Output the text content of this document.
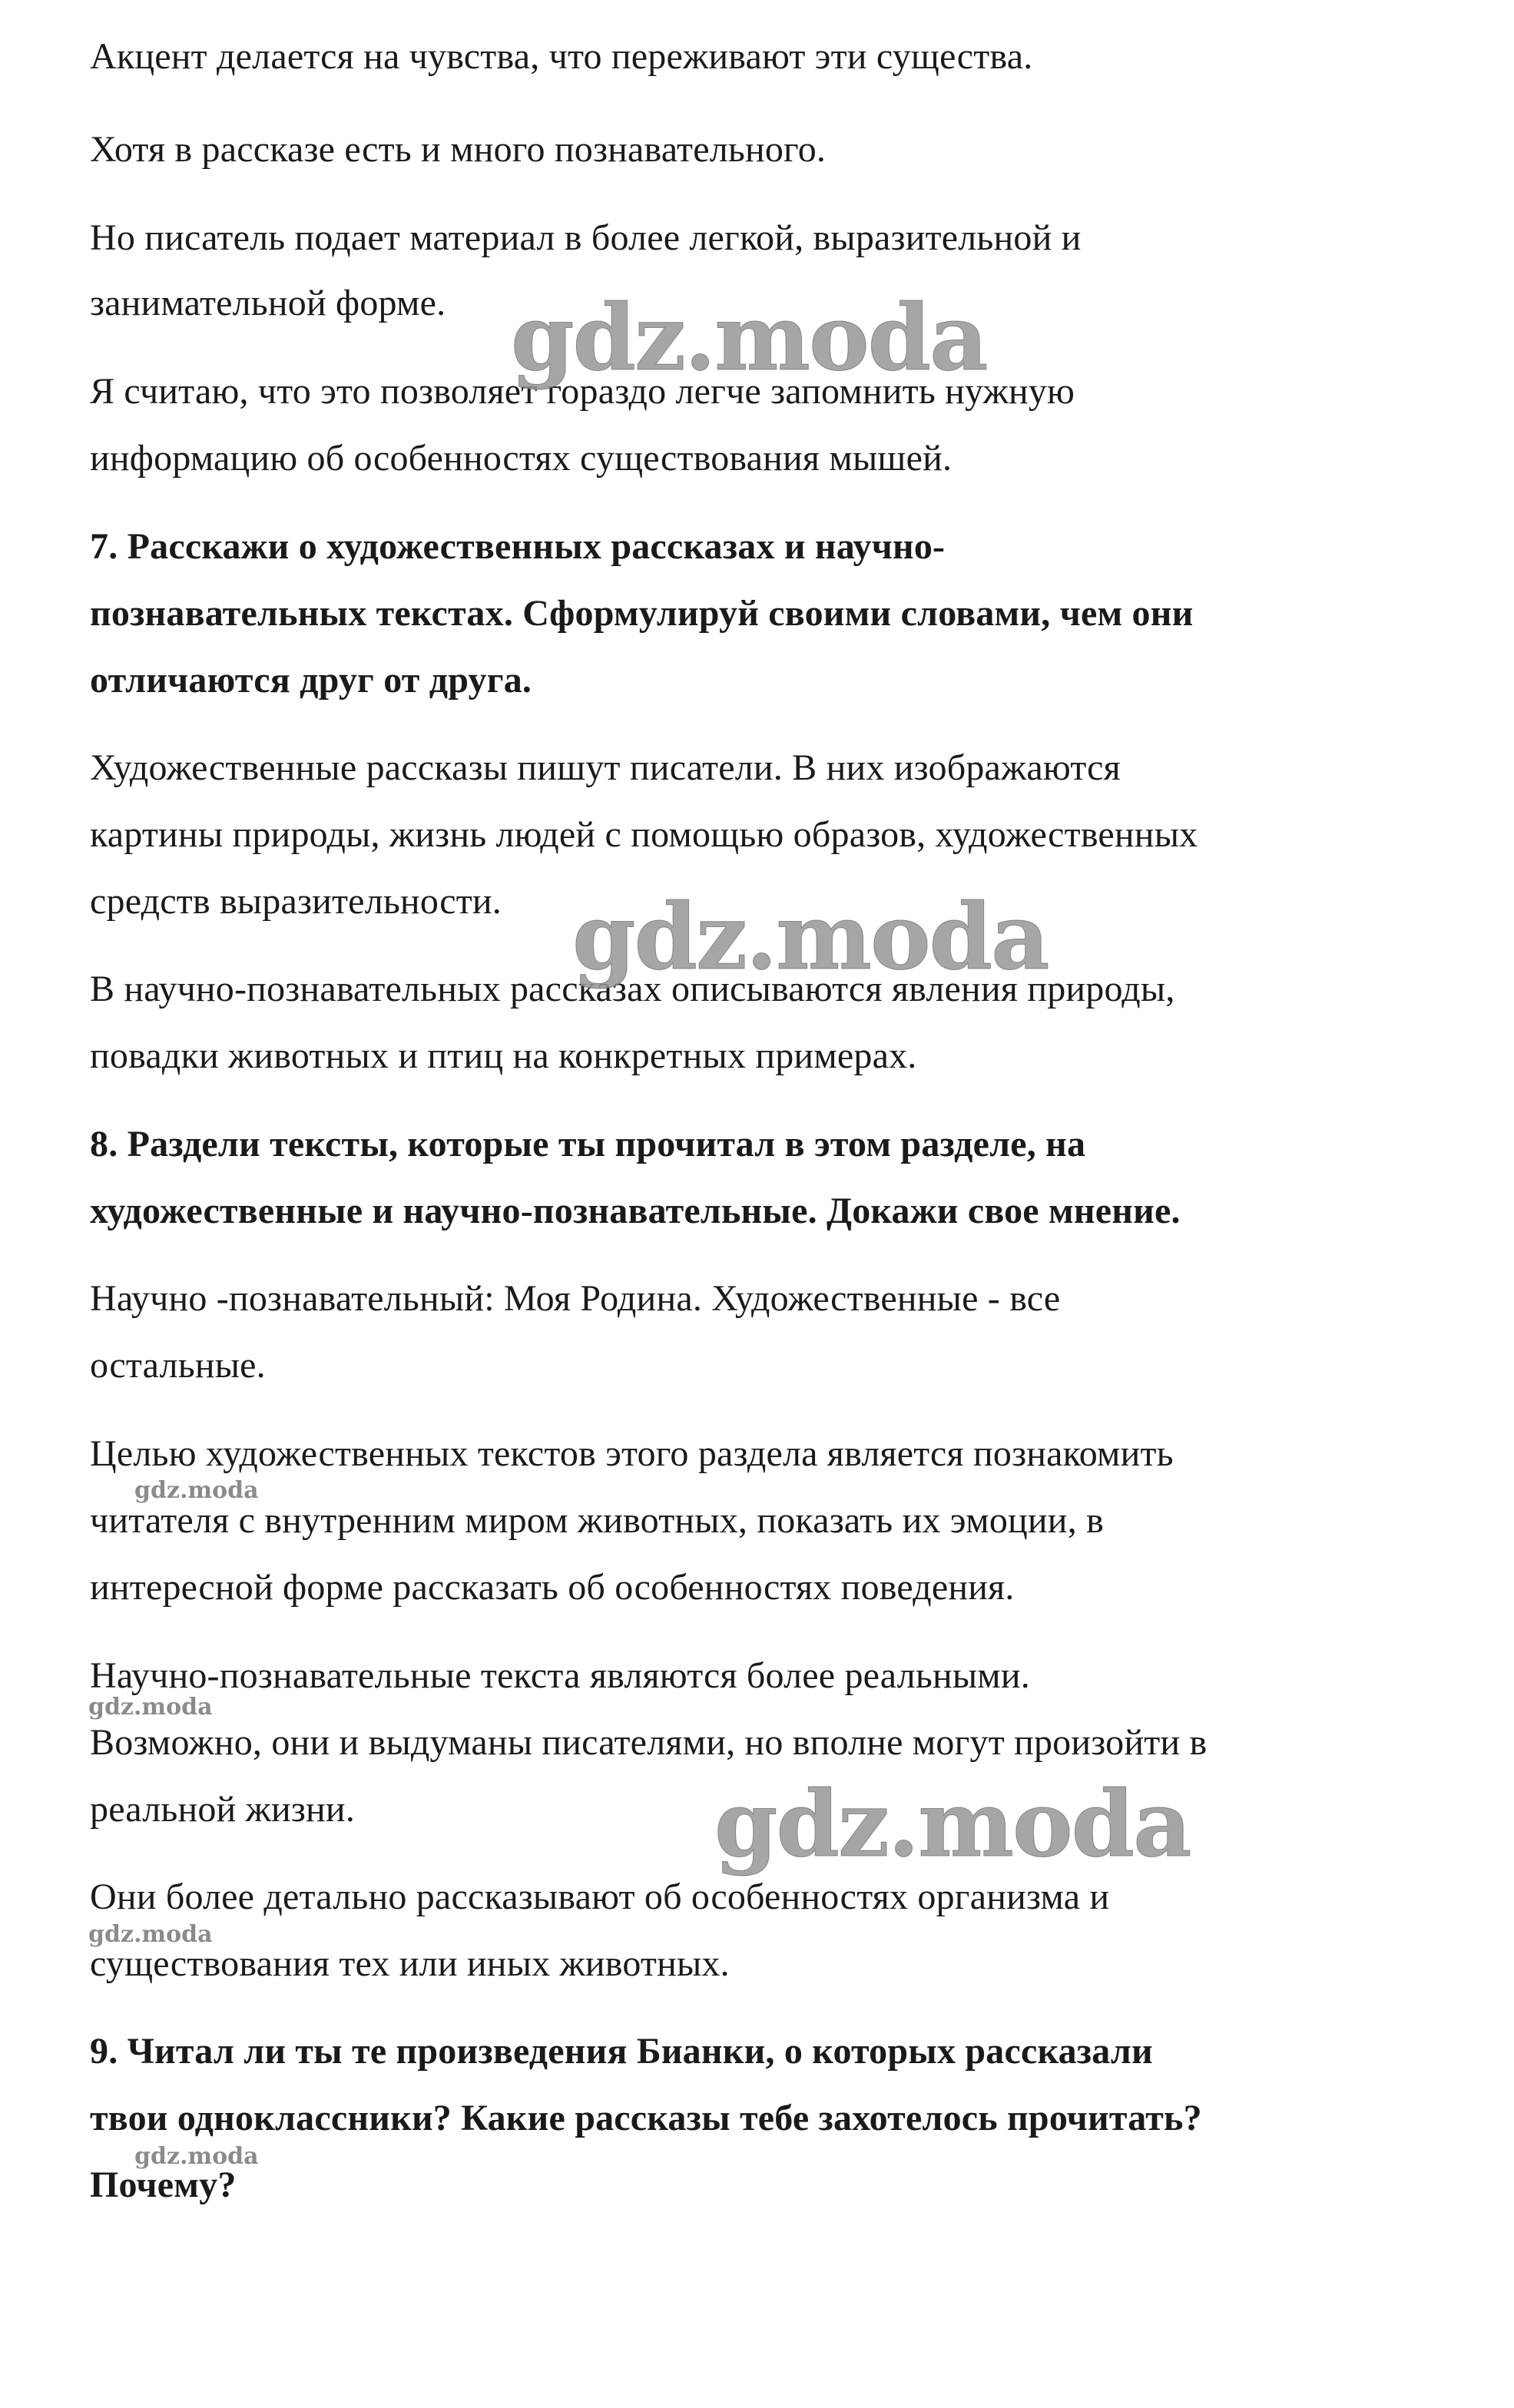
Акцент делается на чувства, что переживают эти существа.
Хотя в рассказе есть и много познавательного.
Но писатель подает материал в более легкой, выразительной и
занимательной форме.
Я считаю, что это позволяет гораздо легче запомнить нужную
информацию об особенностях существования мышей.
7. Расскажи о художественных рассказах и научно-
познавательных текстах. Сформулируй своими словами, чем они
отличаются друг от друга.
Художественные рассказы пишут писатели. В них изображаются
картины природы, жизнь людей с помощью образов, художественных
средств выразительности.
В научно-познавательных рассказах описываются явления природы,
повадки животных и птиц на конкретных примерах.
8. Раздели тексты, которые ты прочитал в этом разделе, на
художественные и научно-познавательные. Докажи свое мнение.
Научно -познавательный: Моя Родина. Художественные - все
остальные.
Целью художественных текстов этого раздела является познакомить
читателя с внутренним миром животных, показать их эмоции, в
интересной форме рассказать об особенностях поведения.
Научно-познавательные текста являются более реальными.
Возможно, они и выдуманы писателями, но вполне могут произойти в
реальной жизни.
Они более детально рассказывают об особенностях организма и
существования тех или иных животных.
9. Читал ли ты те произведения Бианки, о которых рассказали
твои одноклассники? Какие рассказы тебе захотелось прочитать?
Почему?
gdz.moda
gdz.moda
gdz.moda
gdz.moda
gdz.moda
gdz.moda
gdz.moda
